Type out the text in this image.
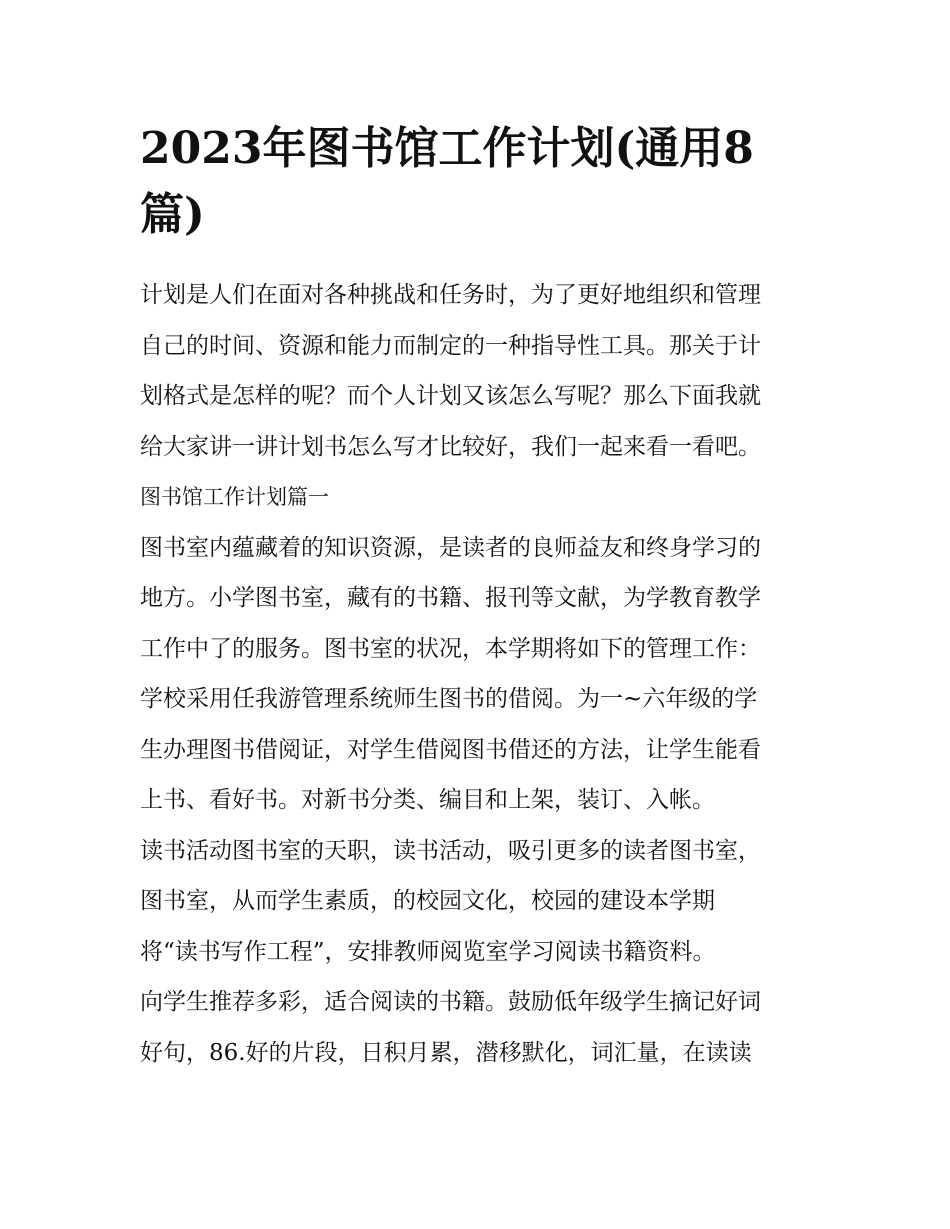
2023年图书馆工作计划(通用8
篇)

计划是人们在面对各种挑战和任务时，为了更好地组织和管理

自己的时间、资源和能力而制定的一种指导性工具。那关于计

划格式是怎样的呢？而个人计划又该怎么写呢？那么下面我就

给大家讲一讲计划书怎么写才比较好，我们一起来看一看吧。

图书馆工作计划篇一

图书室内蕴藏着的知识资源，是读者的良师益友和终身学习的

地方。小学图书室，藏有的书籍、报刊等文献，为学教育教学

工作中了的服务。图书室的状况，本学期将如下的管理工作：

学校采用任我游管理系统师生图书的借阅。为一~六年级的学

生办理图书借阅证，对学生借阅图书借还的方法，让学生能看

上书、看好书。对新书分类、编目和上架，装订、入帐。

读书活动图书室的天职，读书活动，吸引更多的读者图书室，

图书室，从而学生素质，的校园文化，校园的建设本学期

将“读书写作工程”，安排教师阅览室学习阅读书籍资料。

向学生推荐多彩，适合阅读的书籍。鼓励低年级学生摘记好词

好句，86.好的片段，日积月累，潜移默化，词汇量，在读读
